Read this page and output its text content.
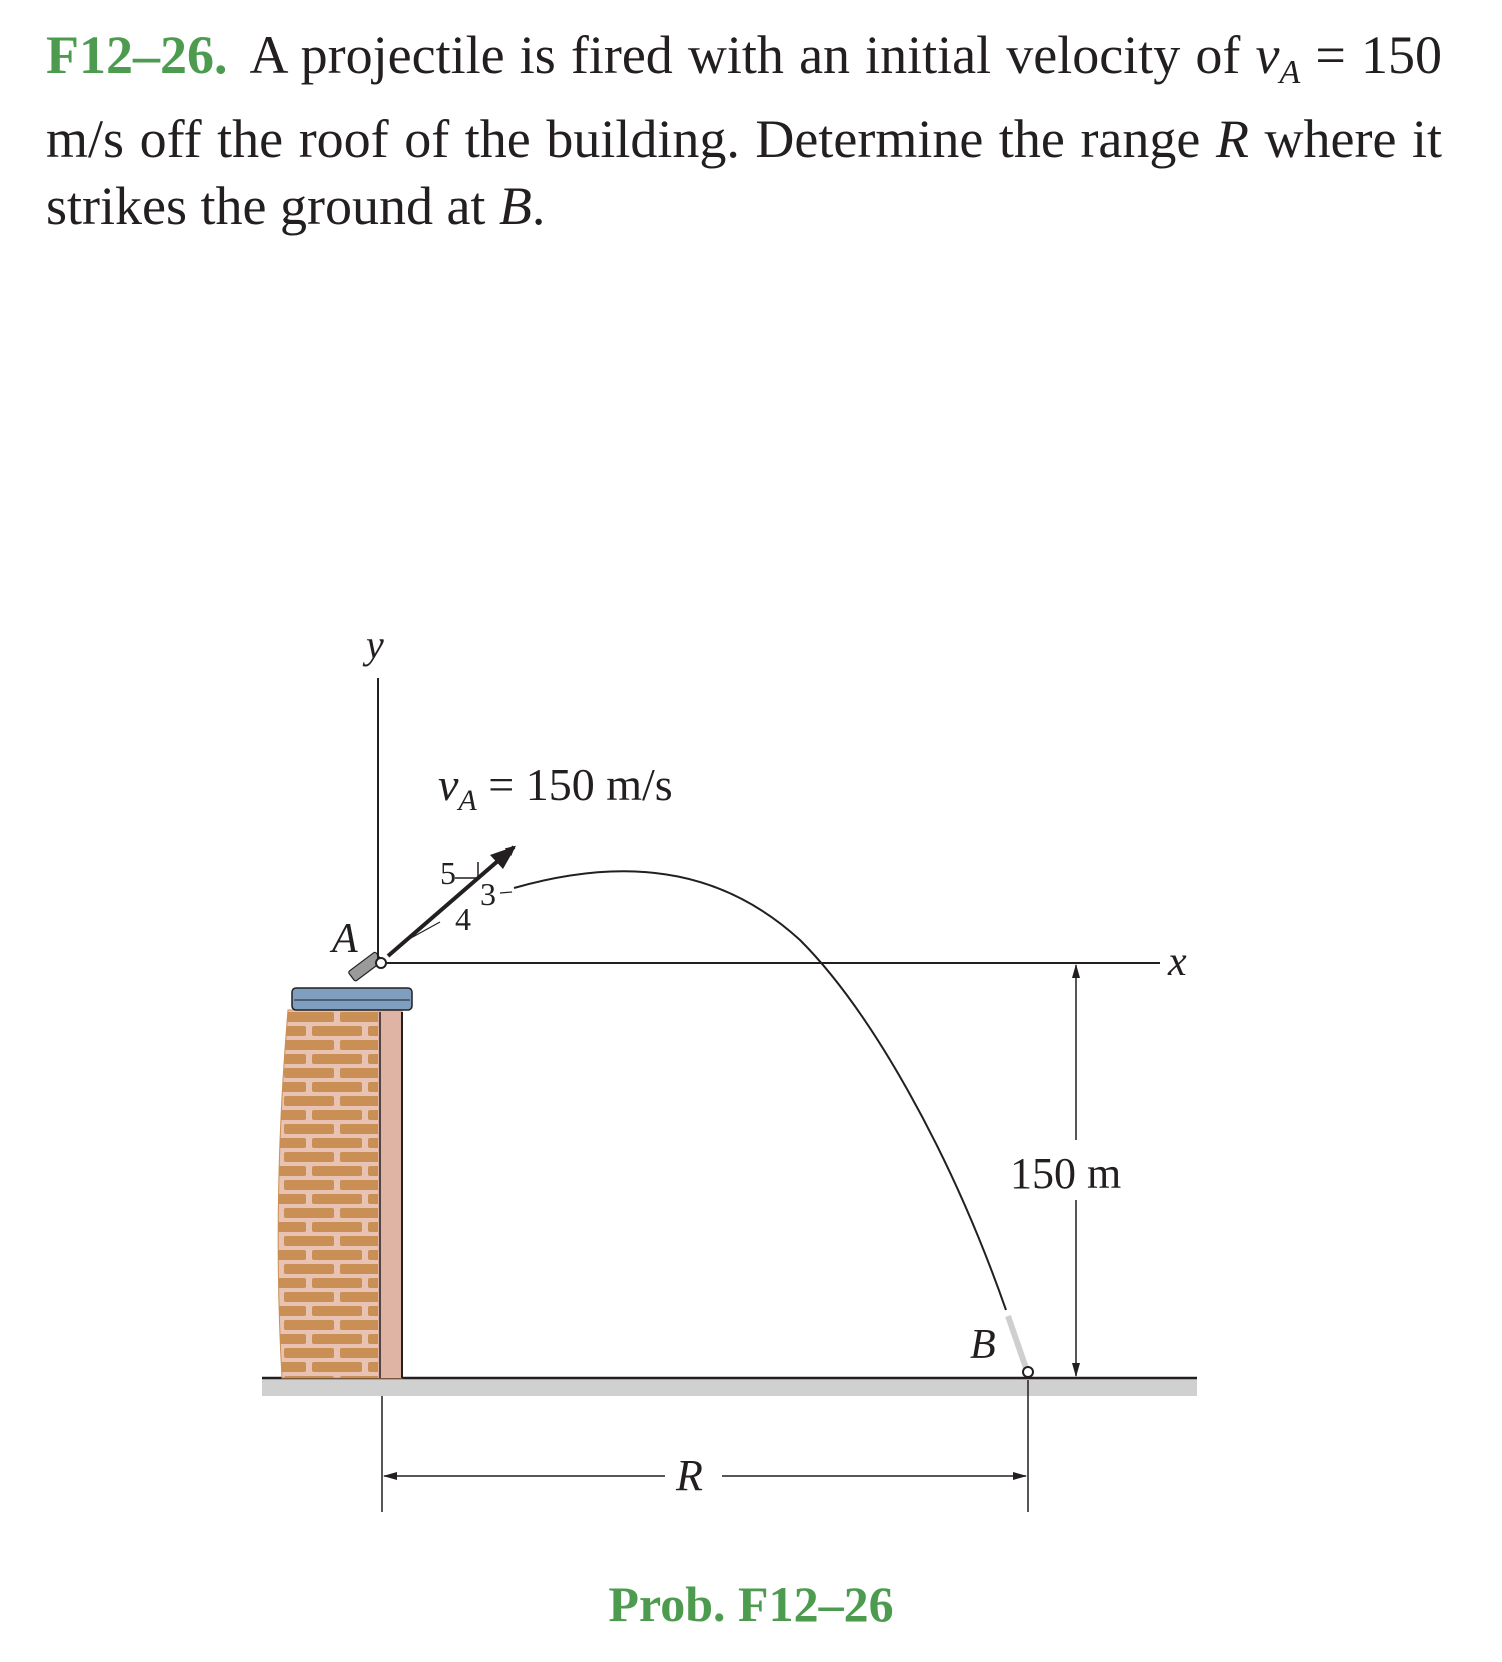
F12–26. A projectile is fired with an initial velocity of $v_A = 150$ m/s off the roof of the building. Determine the range R where it strikes the ground at B.
y
x
A
5
3
4
$v_A = 150$ m/s
B
150 m
R
Prob. F12–26
